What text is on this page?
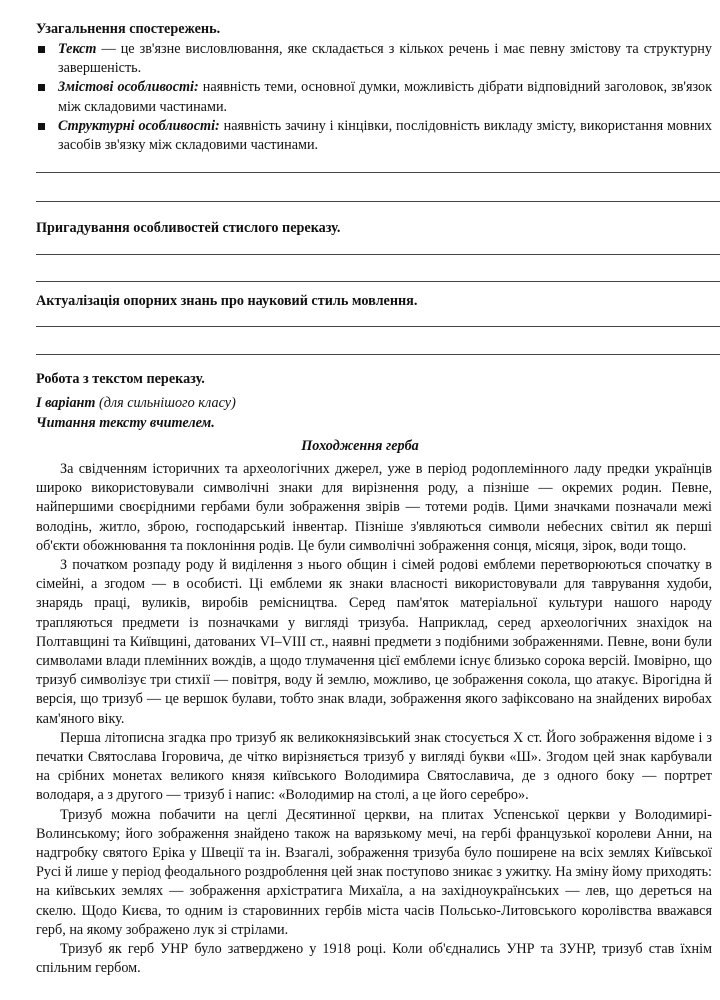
Узагальнення спостережень.

Текст — це зв'язне висловлювання, яке складається з кількох речень і має певну змістову та структурну завершеність.
Змістові особливості: наявність теми, основної думки, можливість дібрати відповідний заголовок, зв'язок між складовими частинами.
Структурні особливості: наявність зачину і кінцівки, послідовність викладу змісту, використання мовних засобів зв'язку між складовими частинами.

Пригадування особливостей стислого переказу.

Актуалізація опорних знань про науковий стиль мовлення.

Робота з текстом переказу.

I варіант (для сильнішого класу)

Читання тексту вчителем.

Походження герба

За свідченням історичних та археологічних джерел, уже в період родоплемінного ладу предки українців широко використовували символічні знаки для вирізнення роду, а пізніше — окремих родин. Певне, найпершими своєрідними гербами були зображення звірів — тотеми родів. Цими значками позначали межі володінь, житло, зброю, господарський інвентар. Пізніше з'являються символи небесних світил як перші об'єкти обожнювання та поклоніння родів. Це були символічні зображення сонця, місяця, зірок, води тощо.

З початком розпаду роду й виділення з нього общин і сімей родові емблеми перетворюються спочатку в сімейні, а згодом — в особисті. Ці емблеми як знаки власності використовували для таврування худоби, знарядь праці, вуликів, виробів ремісництва. Серед пам'яток матеріальної культури нашого народу трапляються предмети із позначками у вигляді тризуба. Наприклад, серед археологічних знахідок на Полтавщині та Київщині, датованих VI–VIII ст., наявні предмети з подібними зображеннями. Певне, вони були символами влади племінних вождів, а щодо тлумачення цієї емблеми існує близько сорока версій. Імовірно, що тризуб символізує три стихії — повітря, воду й землю, можливо, це зображення сокола, що атакує. Вірогідна й версія, що тризуб — це вершок булави, тобто знак влади, зображення якого зафіксовано на знайдених виробах кам'яного віку.

Перша літописна згадка про тризуб як великокнязівський знак стосується X ст. Його зображення відоме і з печатки Святослава Ігоровича, де чітко вирізняється тризуб у вигляді букви «Ш». Згодом цей знак карбували на срібних монетах великого князя київського Володимира Святославича, де з одного боку — портрет володаря, а з другого — тризуб і напис: «Володимир на столі, а це його серебро».

Тризуб можна побачити на цеглі Десятинної церкви, на плитах Успенської церкви у Володимирі-Волинському; його зображення знайдено також на варязькому мечі, на гербі французької королеви Анни, на надгробку святого Еріка у Швеції та ін. Взагалі, зображення тризуба було поширене на всіх землях Київської Русі й лише у період феодального роздроблення цей знак поступово зникає з ужитку. На зміну йому приходять: на київських землях — зображення архістратига Михаїла, а на західноукраїнських — лев, що дереться на скелю. Щодо Києва, то одним із старовинних гербів міста часів Польсько-Литовського королівства вважався герб, на якому зображено лук зі стрілами.

Тризуб як герб УНР було затверджено у 1918 році. Коли об'єднались УНР та ЗУНР, тризуб став їхнім спільним гербом.
